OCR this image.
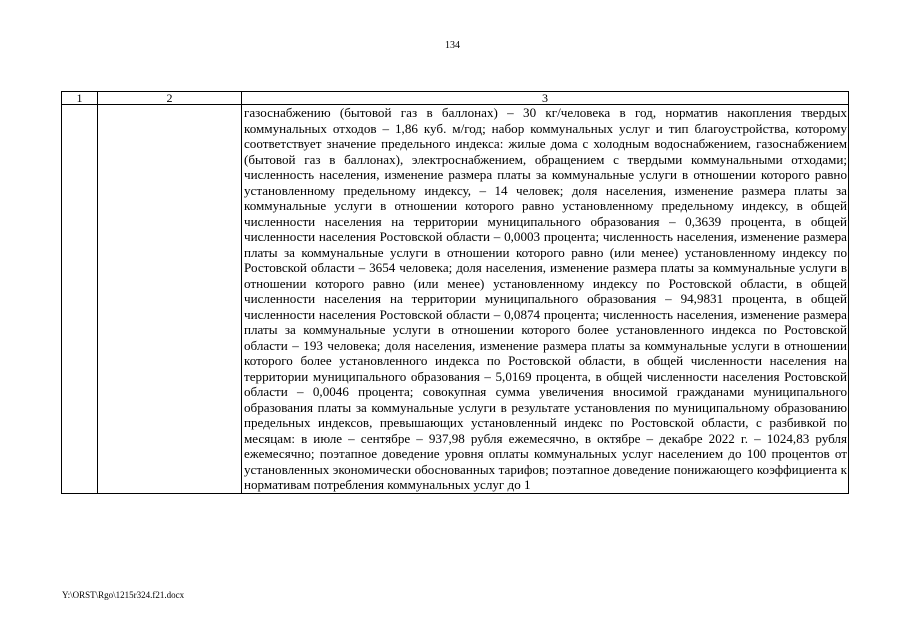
134
1	2	3

		газоснабжению (бытовой газ в баллонах) – 30 кг/человека в год, норматив накопления твердых коммунальных отходов – 1,86 куб. м/год; набор коммунальных услуг и тип благоустройства, которому соответствует значение предельного индекса: жилые дома с холодным водоснабжением, газоснабжением (бытовой газ в баллонах), электроснабжением, обращением с твердыми коммунальными отходами; численность населения, изменение размера платы за коммунальные услуги в отношении которого равно установленному предельному индексу, – 14 человек; доля населения, изменение размера платы за коммунальные услуги в отношении которого равно установленному предельному индексу, в общей численности населения на территории муниципального образования – 0,3639 процента, в общей численности населения Ростовской области – 0,0003 процента; численность населения, изменение размера платы за коммунальные услуги в отношении которого равно (или менее) установленному индексу по Ростовской области – 3654 человека; доля населения, изменение размера платы за коммунальные услуги в отношении которого равно (или менее) установленному индексу по Ростовской области, в общей численности населения на территории муниципального образования – 94,9831 процента, в общей численности населения Ростовской области – 0,0874 процента; численность населения, изменение размера платы за коммунальные услуги в отношении которого более установленного индекса по Ростовской области – 193 человека; доля населения, изменение размера платы за коммунальные услуги в отношении которого более установленного индекса по Ростовской области, в общей численности населения на территории муниципального образования – 5,0169 процента, в общей численности населения Ростовской области – 0,0046 процента; совокупная сумма увеличения вносимой гражданами муниципального образования платы за коммунальные услуги в результате установления по муниципальному образованию предельных индексов, превышающих установленный индекс по Ростовской области, с разбивкой по месяцам: в июле – сентябре – 937,98 рубля ежемесячно, в октябре – декабре 2022 г. – 1024,83 рубля ежемесячно; поэтапное доведение уровня оплаты коммунальных услуг населением до 100 процентов от установленных экономически обоснованных тарифов; поэтапное доведение понижающего коэффициента к нормативам потребления коммунальных услуг до 1
Y:\ORST\Rgo\1215r324.f21.docx
